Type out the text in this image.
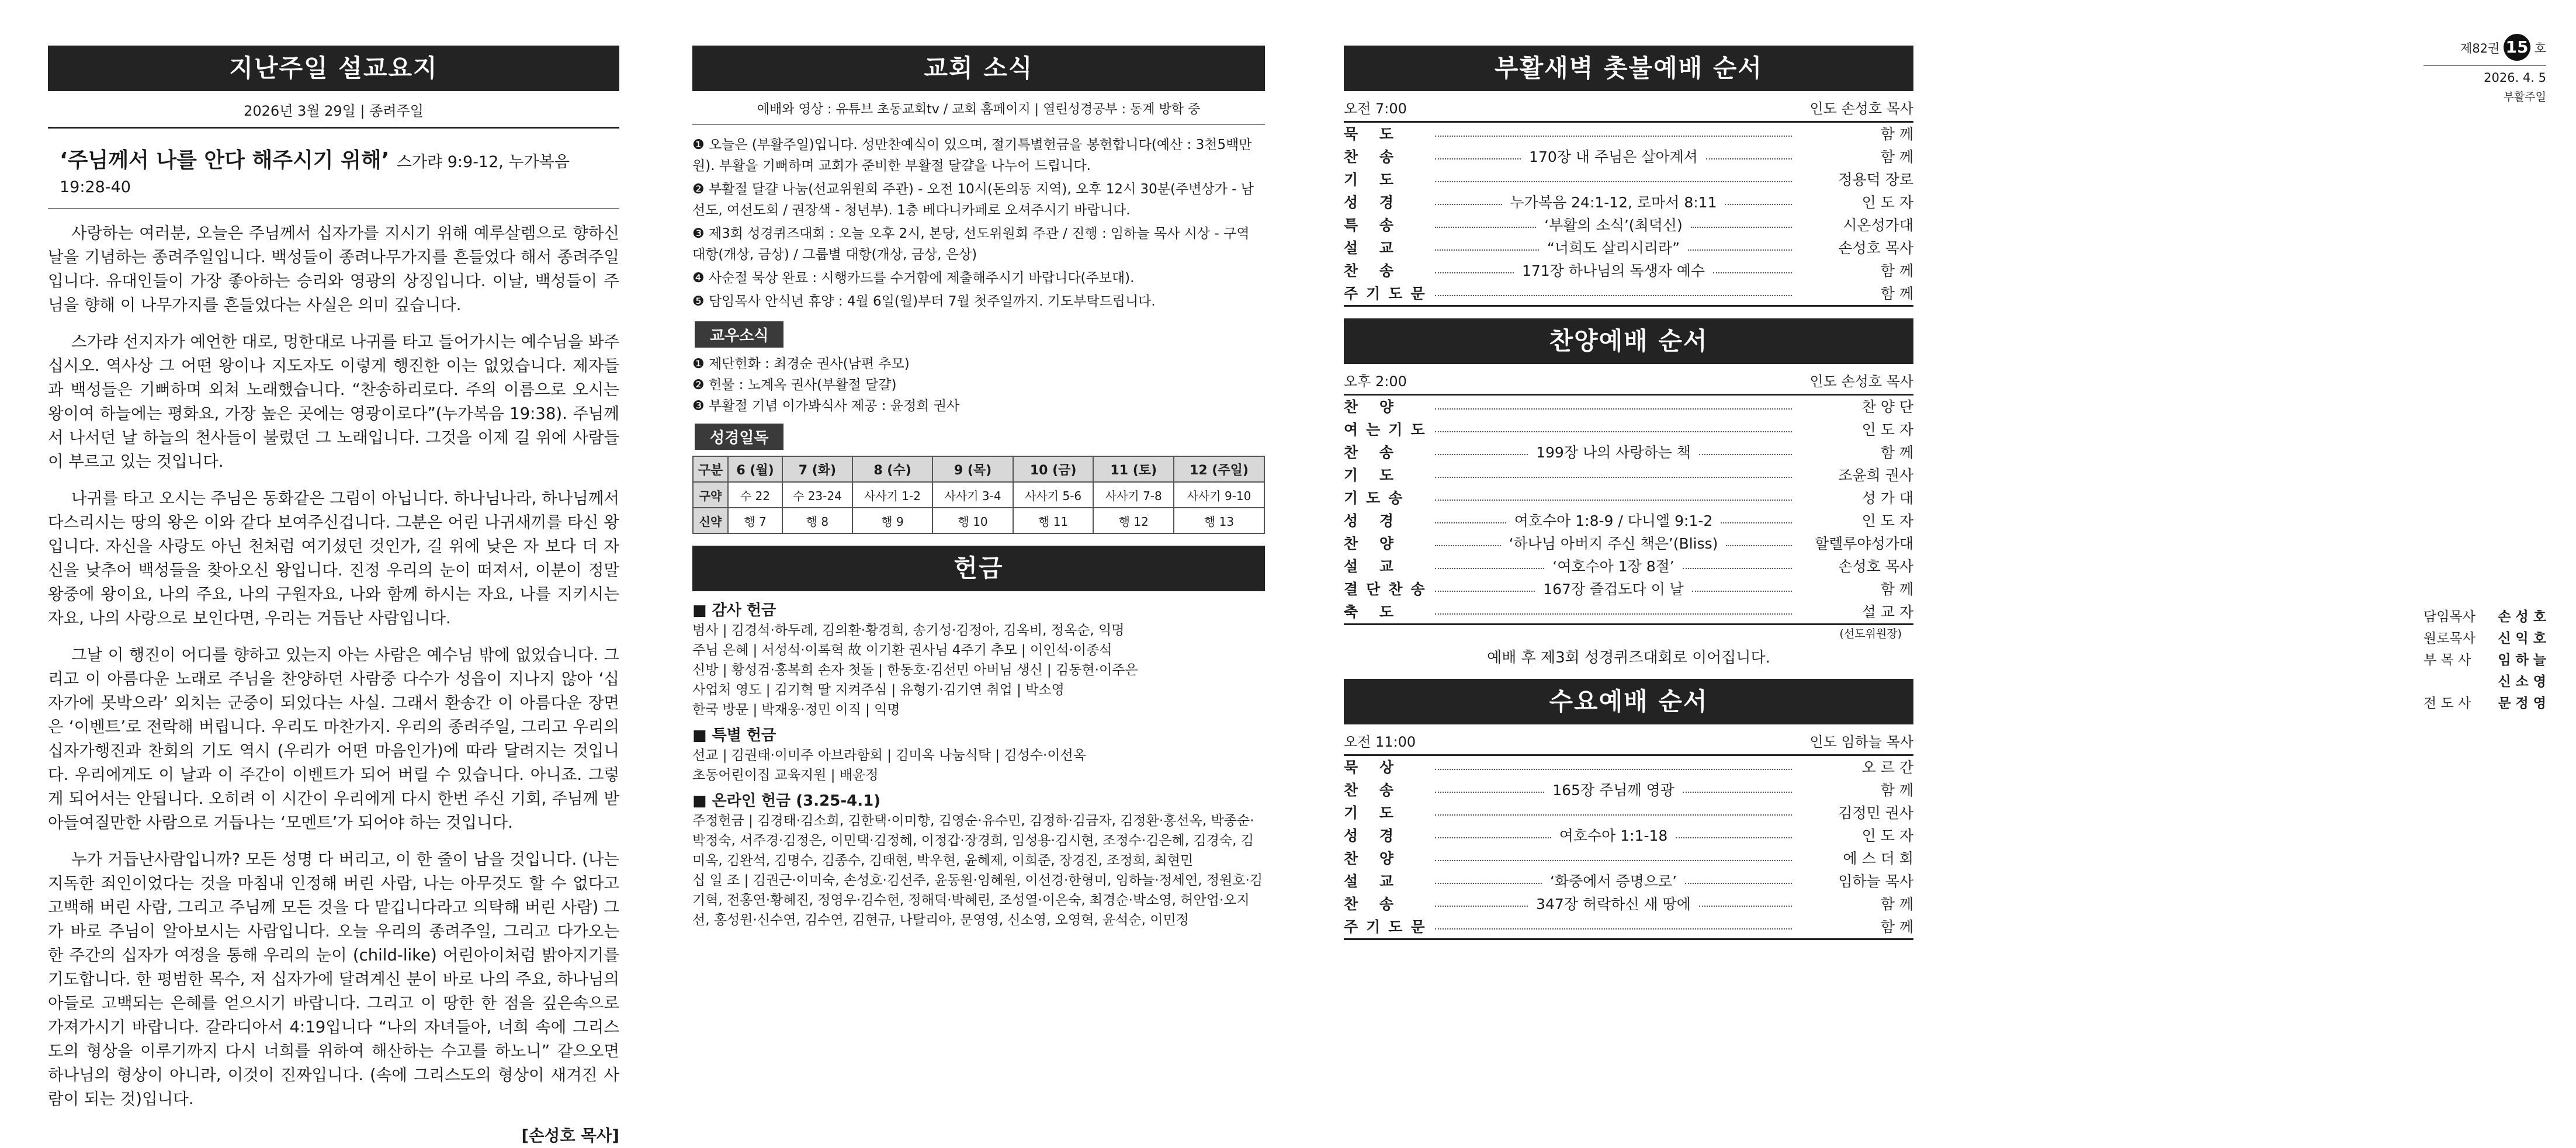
지난주일 설교요지
2026년 3월 29일 | 종려주일
‘주님께서 나를 안다 해주시기 위해’ 스가랴 9:9-12, 누가복음 19:28-40

사랑하는 여러분, 오늘은 주님께서 십자가를 지시기 위해 예루살렘으로 향하신 날을 기념하는 종려주일입니다. 백성들이 종려나무가지를 흔들었다 해서 종려주일입니다. 유대인들이 가장 좋아하는 승리와 영광의 상징입니다. 이날, 백성들이 주님을 향해 이 나무가지를 흔들었다는 사실은 의미 깊습니다.

스가랴 선지자가 예언한 대로, 멍한대로 나귀를 타고 들어가시는 예수님을 봐주십시오. 역사상 그 어떤 왕이나 지도자도 이렇게 행진한 이는 없었습니다. 제자들과 백성들은 기뻐하며 외쳐 노래했습니다. “찬송하리로다. 주의 이름으로 오시는 왕이여 하늘에는 평화요, 가장 높은 곳에는 영광이로다”(누가복음 19:38). 주님께서 나서던 날 하늘의 천사들이 불렀던 그 노래입니다. 그것을 이제 길 위에 사람들이 부르고 있는 것입니다.

나귀를 타고 오시는 주님은 동화같은 그림이 아닙니다. 하나님나라, 하나님께서 다스리시는 땅의 왕은 이와 같다 보여주신겁니다. 그분은 어린 나귀새끼를 타신 왕입니다. 자신을 사랑도 아닌 천처럼 여기셨던 것인가, 길 위에 낮은 자 보다 더 자신을 낮추어 백성들을 찾아오신 왕입니다. 진정 우리의 눈이 떠져서, 이분이 정말 왕중에 왕이요, 나의 주요, 나의 구원자요, 나와 함께 하시는 자요, 나를 지키시는 자요, 나의 사랑으로 보인다면, 우리는 거듭난 사람입니다.

그날 이 행진이 어디를 향하고 있는지 아는 사람은 예수님 밖에 없었습니다. 그리고 이 아름다운 노래로 주님을 찬양하던 사람중 다수가 성읍이 지나지 않아 ‘십자가에 못박으라’ 외치는 군중이 되었다는 사실. 그래서 환송간 이 아름다운 장면은 ‘이벤트’로 전락해 버립니다. 우리도 마찬가지. 우리의 종려주일, 그리고 우리의 십자가행진과 찬회의 기도 역시 (우리가 어떤 마음인가)에 따라 달려지는 것입니다. 우리에게도 이 날과 이 주간이 이벤트가 되어 버릴 수 있습니다. 아니죠. 그렇게 되어서는 안됩니다. 오히려 이 시간이 우리에게 다시 한번 주신 기회, 주님께 받아들여질만한 사람으로 거듭나는 ‘모멘트’가 되어야 하는 것입니다.

누가 거듭난사람입니까? 모든 성명 다 버리고, 이 한 줄이 남을 것입니다. (나는 지독한 죄인이었다는 것을 마침내 인정해 버린 사람, 나는 아무것도 할 수 없다고 고백해 버린 사람, 그리고 주님께 모든 것을 다 맡깁니다라고 의탁해 버린 사람) 그가 바로 주님이 알아보시는 사람입니다. 오늘 우리의 종려주일, 그리고 다가오는 한 주간의 십자가 여정을 통해 우리의 눈이 (child-like) 어린아이처럼 밝아지기를 기도합니다. 한 평범한 목수, 저 십자가에 달려계신 분이 바로 나의 주요, 하나님의 아들로 고백되는 은혜를 얻으시기 바랍니다. 그리고 이 땅한 한 점을 깊은속으로 가져가시기 바랍니다. 갈라디아서 4:19입니다 “나의 자녀들아, 너희 속에 그리스도의 형상을 이루기까지 다시 너희를 위하여 해산하는 수고를 하노니” 같으오면 하나님의 형상이 아니라, 이것이 진짜입니다. (속에 그리스도의 형상이 새겨진 사람이 되는 것)입니다.

[손성호 목사]
교회 소식
예배와 영상 : 유튜브 초동교회tv / 교회 홈페이지 | 열린성경공부 : 동계 방학 중
❶ 오늘은 (부활주일)입니다. 성만찬예식이 있으며, 절기특별헌금을 봉헌합니다(예산 : 3천5백만원). 부활을 기뻐하며 교회가 준비한 부활절 달걀을 나누어 드립니다.
❷ 부활절 달걀 나눔(선교위원회 주관) - 오전 10시(돈의동 지역), 오후 12시 30분(주변상가 - 남선도, 여선도회 / 권장색 - 청년부). 1층 베다니카페로 오셔주시기 바랍니다.
❸ 제3회 성경퀴즈대회 : 오늘 오후 2시, 본당, 선도위원회 주관 / 진행 : 임하늘 목사 시상 - 구역 대항(개상, 금상) / 그룹별 대항(개상, 금상, 은상)
❹ 사순절 묵상 완료 : 시행카드를 수거함에 제출해주시기 바랍니다(주보대).
❺ 담임목사 안식년 휴양 : 4월 6일(월)부터 7월 첫주일까지. 기도부탁드립니다.
교우소식
❶ 제단헌화 : 최경순 권사(남편 추모)
❷ 헌물 : 노계옥 권사(부활절 달걀)
❸ 부활절 기념 이가봐식사 제공 : 윤정희 권사
성경일독
구분	6 (월)	7 (화)	8 (수)	9 (목)	10 (금)	11 (토)	12 (주일)
구약	수 22	수 23-24	사사기 1-2	사사기 3-4	사사기 5-6	사사기 7-8	사사기 9-10
신약	행 7	행 8	행 9	행 10	행 11	행 12	행 13
헌금
■ 감사 헌금
범사 | 김경석·하두례, 김의환·황경희, 송기성·김정아, 김옥비, 정옥순, 익명
주님 은혜 | 서성석·이록혁 故 이기환 권사님 4주기 추모 | 이인석·이종석
신방 | 황성검·홍복희 손자 첫돌 | 한동호·김선민 아버님 생신 | 김동현·이주은
사업처 영도 | 김기혁 딸 지켜주심 | 유형기·김기연 취업 | 박소영
한국 방문 | 박재웅·정민 이직 | 익명
■ 특별 헌금
선교 | 김권태·이미주 아브라함회 | 김미옥 나눔식탁 | 김성수·이선옥
초동어린이집 교육지원 | 배윤정
■ 온라인 헌금 (3.25-4.1)
주정헌금 | 김경태·김소희, 김한택·이미향, 김영순·유수민, 김정하·김금자, 김정환·홍선옥, 박종순·박정숙, 서주경·김정은, 이민택·김정혜, 이정갑·장경희, 임성용·김시현, 조정수·김은혜, 김경숙, 김미옥, 김완석, 김명수, 김종수, 김태현, 박우현, 윤혜제, 이희준, 장경진, 조정희, 최현민
십 일 조 | 김권근·이미숙, 손성호·김선주, 윤동원·임혜원, 이선경·한형미, 임하늘·정세연, 정원호·김기혁, 전홍연·황혜진, 정영우·김수현, 정해덕·박혜린, 조성열·이은숙, 최경순·박소영, 허안업·오지선, 홍성원·신수연, 김수연, 김현규, 나탈리아, 문영영, 신소영, 오영혁, 윤석순, 이민정
부활새벽 촛불예배 순서
오전 7:00	인도 손성호 목사
묵 도	함 께
찬 송	170장 내 주님은 살아계셔	함 께
기 도	정용덕 장로
성 경	누가복음 24:1-12, 로마서 8:11	인 도 자
특 송	‘부활의 소식’(최덕신)	시온성가대
설 교	“너희도 살리시리라”	손성호 목사
찬 송	171장 하나님의 독생자 예수	함 께
주기도문	함 께
찬양예배 순서
오후 2:00	인도 손성호 목사
찬 양	찬 양 단
여는기도	인 도 자
찬 송	199장 나의 사랑하는 책	함 께
기 도	조윤희 권사
기도송	성 가 대
성 경	여호수아 1:8-9 / 다니엘 9:1-2	인 도 자
찬 양	‘하나님 아버지 주신 책은’(Bliss)	할렐루야성가대
설 교	‘여호수아 1장 8절’	손성호 목사
결단찬송	167장 즐겁도다 이 날	함 께
축 도	설 교 자
(선도위원장)
예배 후 제3회 성경퀴즈대회로 이어집니다.
수요예배 순서
오전 11:00	인도 임하늘 목사
묵 상	오 르 간
찬 송	165장 주님께 영광	함 께
기 도	김정민 권사
성 경	여호수아 1:1-18	인 도 자
찬 양	에 스 더 회
설 교	‘화중에서 증명으로’	임하늘 목사
찬 송	347장 허락하신 새 땅에	함 께
주기도문	함 께
제82권 15 호
2026. 4. 5
부활주일
담임목사 손 성 호
원로목사 신 익 호
부 목 사 임 하 늘
신 소 영
전 도 사 문 정 영
